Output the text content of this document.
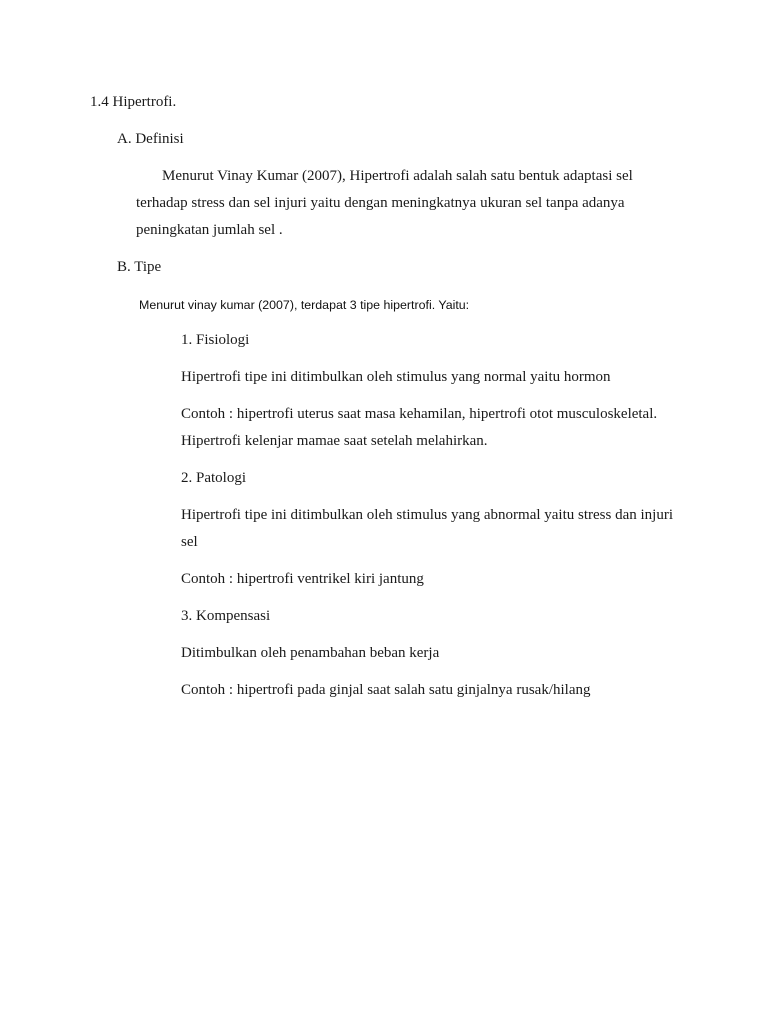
1.4 Hipertrofi.

A. Definisi

Menurut Vinay Kumar (2007), Hipertrofi adalah salah satu bentuk adaptasi sel

terhadap stress dan sel injuri yaitu dengan meningkatnya ukuran sel tanpa adanya

peningkatan jumlah sel .

B. Tipe

Menurut vinay kumar (2007), terdapat 3 tipe hipertrofi. Yaitu:

1. Fisiologi

Hipertrofi tipe ini ditimbulkan oleh stimulus yang normal yaitu hormon

Contoh : hipertrofi uterus saat masa kehamilan, hipertrofi otot musculoskeletal.

Hipertrofi kelenjar mamae saat setelah melahirkan.

2. Patologi

Hipertrofi tipe ini ditimbulkan oleh stimulus yang abnormal yaitu stress dan injuri

sel

Contoh : hipertrofi ventrikel kiri jantung

3. Kompensasi

Ditimbulkan oleh penambahan beban kerja

Contoh : hipertrofi pada ginjal saat salah satu ginjalnya rusak/hilang
